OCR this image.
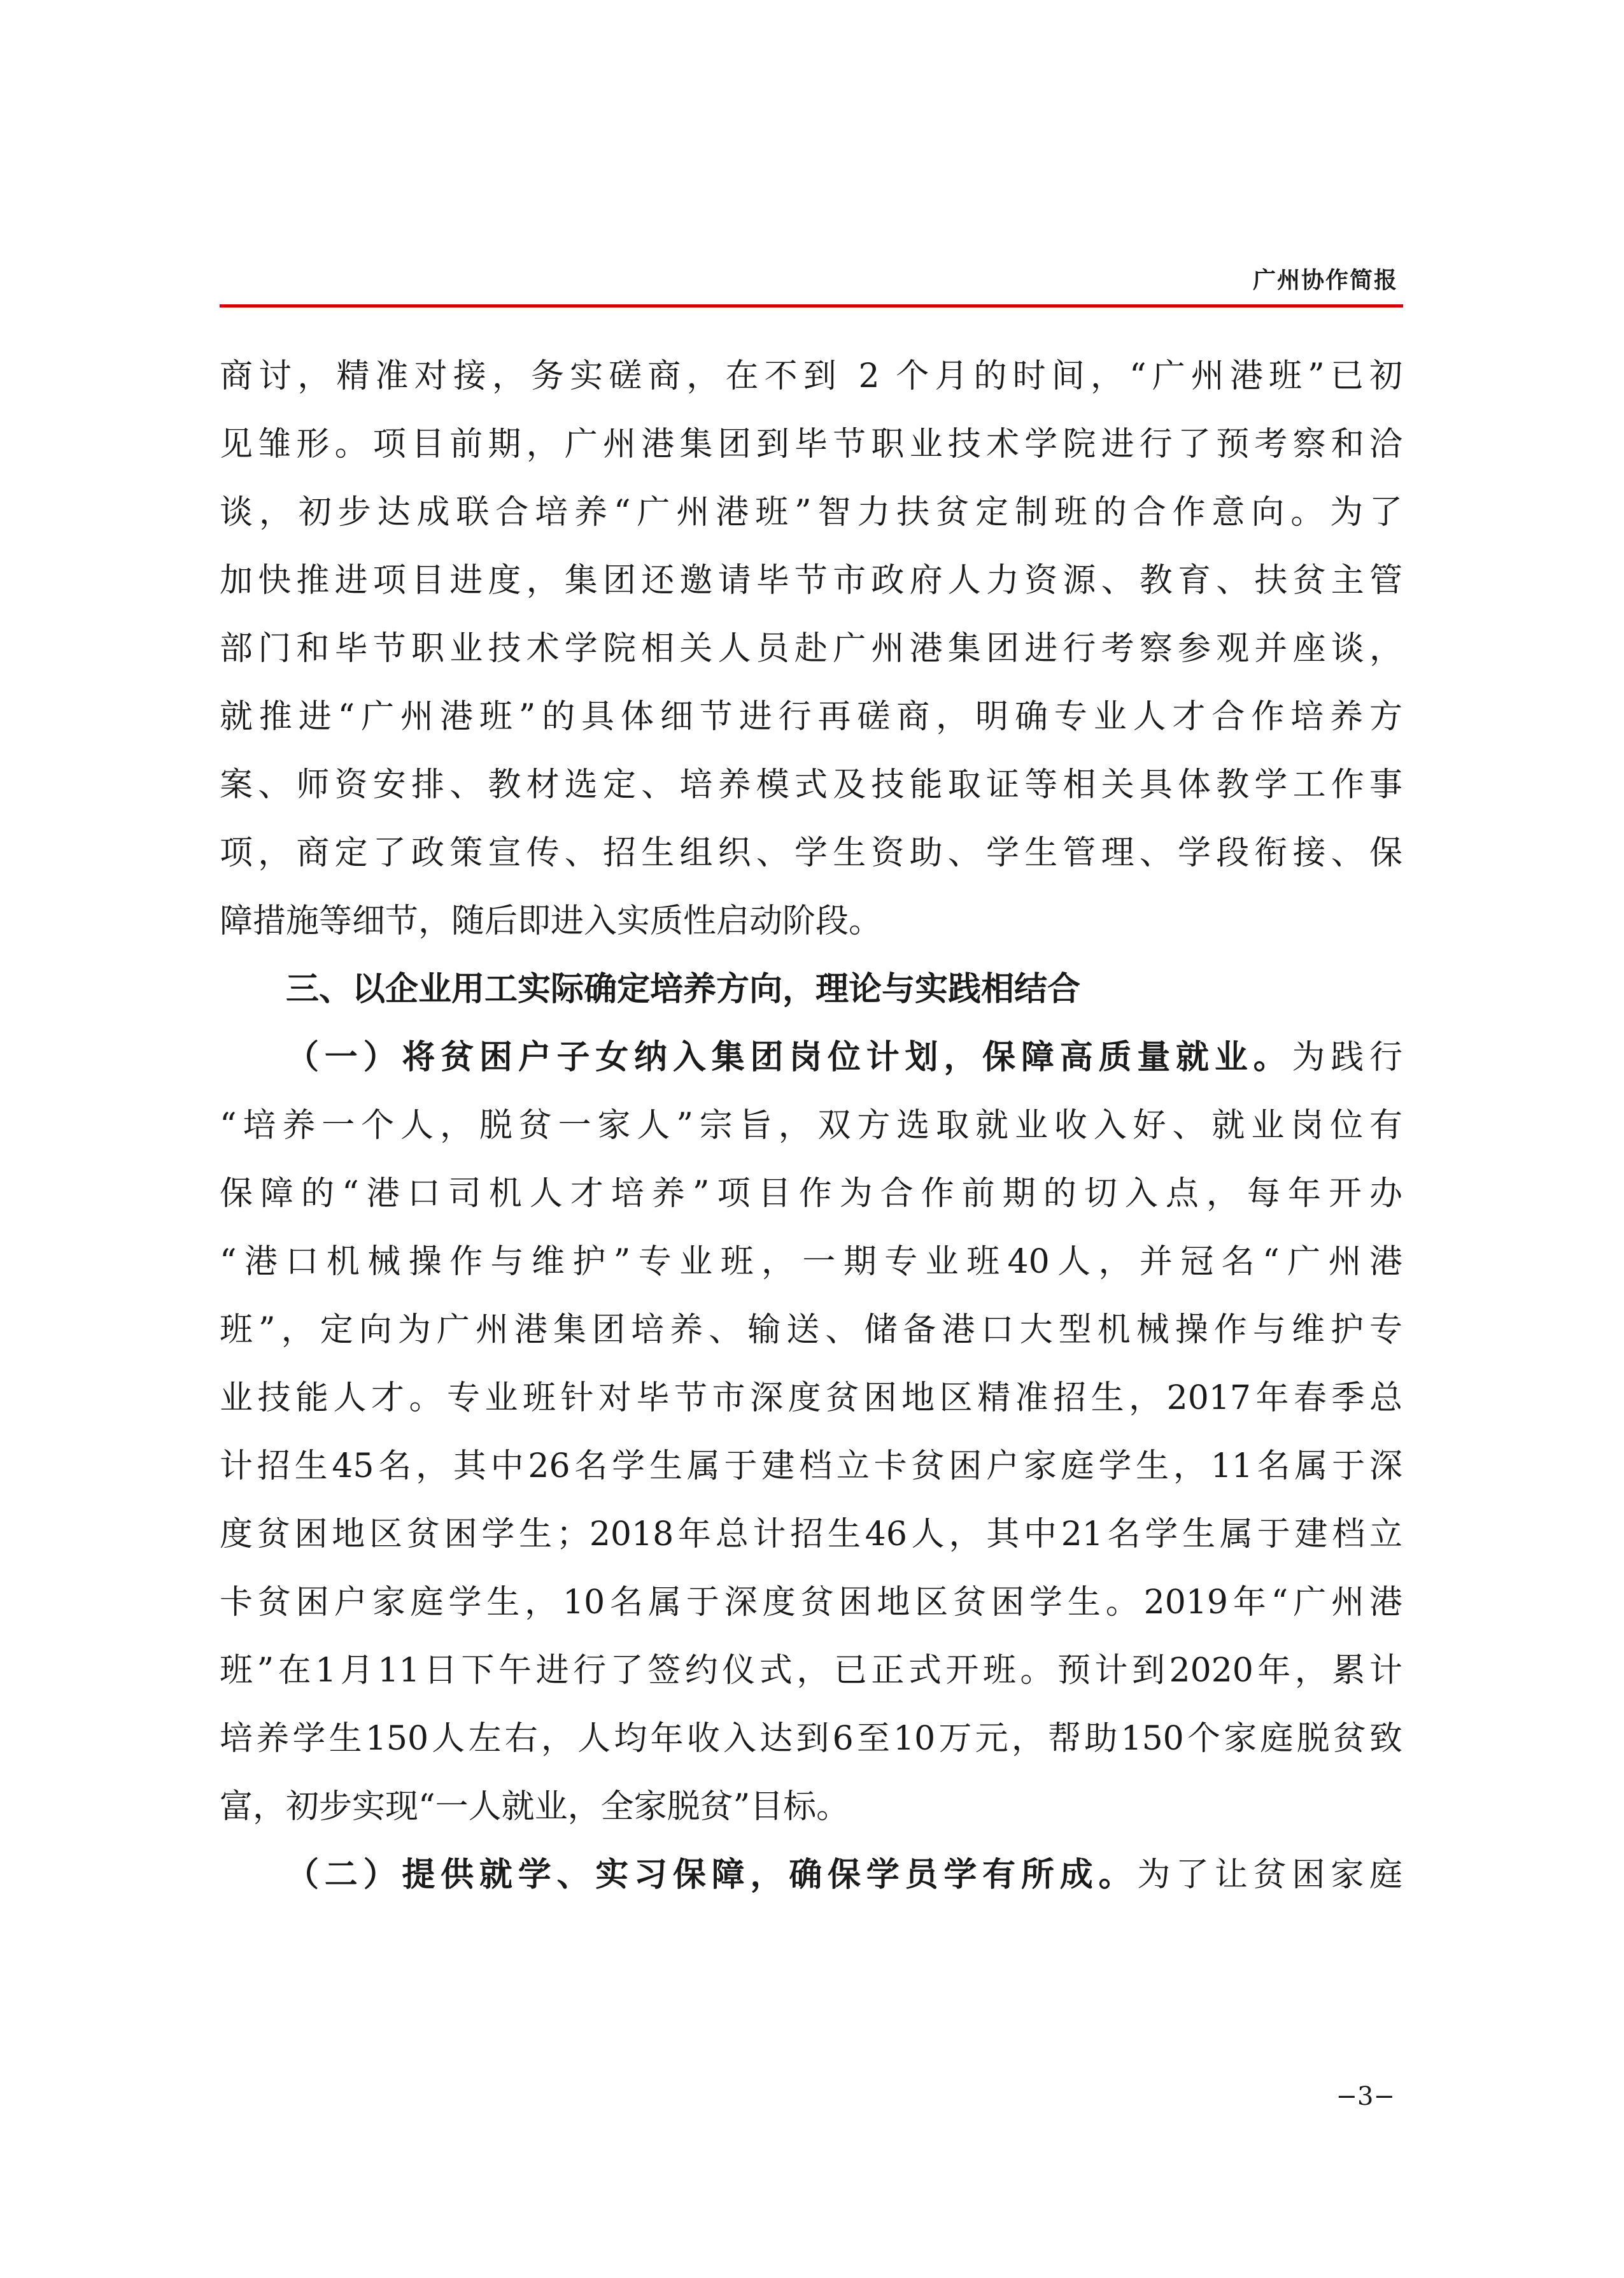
广州协作简报
商讨，精准对接，务实磋商，在不到 2 个月的时间，“广州港班”已初
见雏形。项目前期，广州港集团到毕节职业技术学院进行了预考察和洽
谈，初步达成联合培养“广州港班”智力扶贫定制班的合作意向。为了
加快推进项目进度，集团还邀请毕节市政府人力资源、教育、扶贫主管
部门和毕节职业技术学院相关人员赴广州港集团进行考察参观并座谈，
就推进“广州港班”的具体细节进行再磋商，明确专业人才合作培养方
案、师资安排、教材选定、培养模式及技能取证等相关具体教学工作事
项，商定了政策宣传、招生组织、学生资助、学生管理、学段衔接、保
障措施等细节，随后即进入实质性启动阶段。
三、以企业用工实际确定培养方向，理论与实践相结合
（一）将贫困户子女纳入集团岗位计划，保障高质量就业。为践行
“培养一个人，脱贫一家人”宗旨，双方选取就业收入好、就业岗位有
保障的“港口司机人才培养”项目作为合作前期的切入点，每年开办
“港口机械操作与维护”专业班，一期专业班40人，并冠名“广州港
班”，定向为广州港集团培养、输送、储备港口大型机械操作与维护专
业技能人才。专业班针对毕节市深度贫困地区精准招生，2017年春季总
计招生45名，其中26名学生属于建档立卡贫困户家庭学生，11名属于深
度贫困地区贫困学生；2018年总计招生46人，其中21名学生属于建档立
卡贫困户家庭学生，10名属于深度贫困地区贫困学生。2019年“广州港
班”在1月11日下午进行了签约仪式，已正式开班。预计到2020年，累计
培养学生150人左右，人均年收入达到6至10万元，帮助150个家庭脱贫致
富，初步实现“一人就业，全家脱贫”目标。
（二）提供就学、实习保障，确保学员学有所成。为了让贫困家庭
−3−
